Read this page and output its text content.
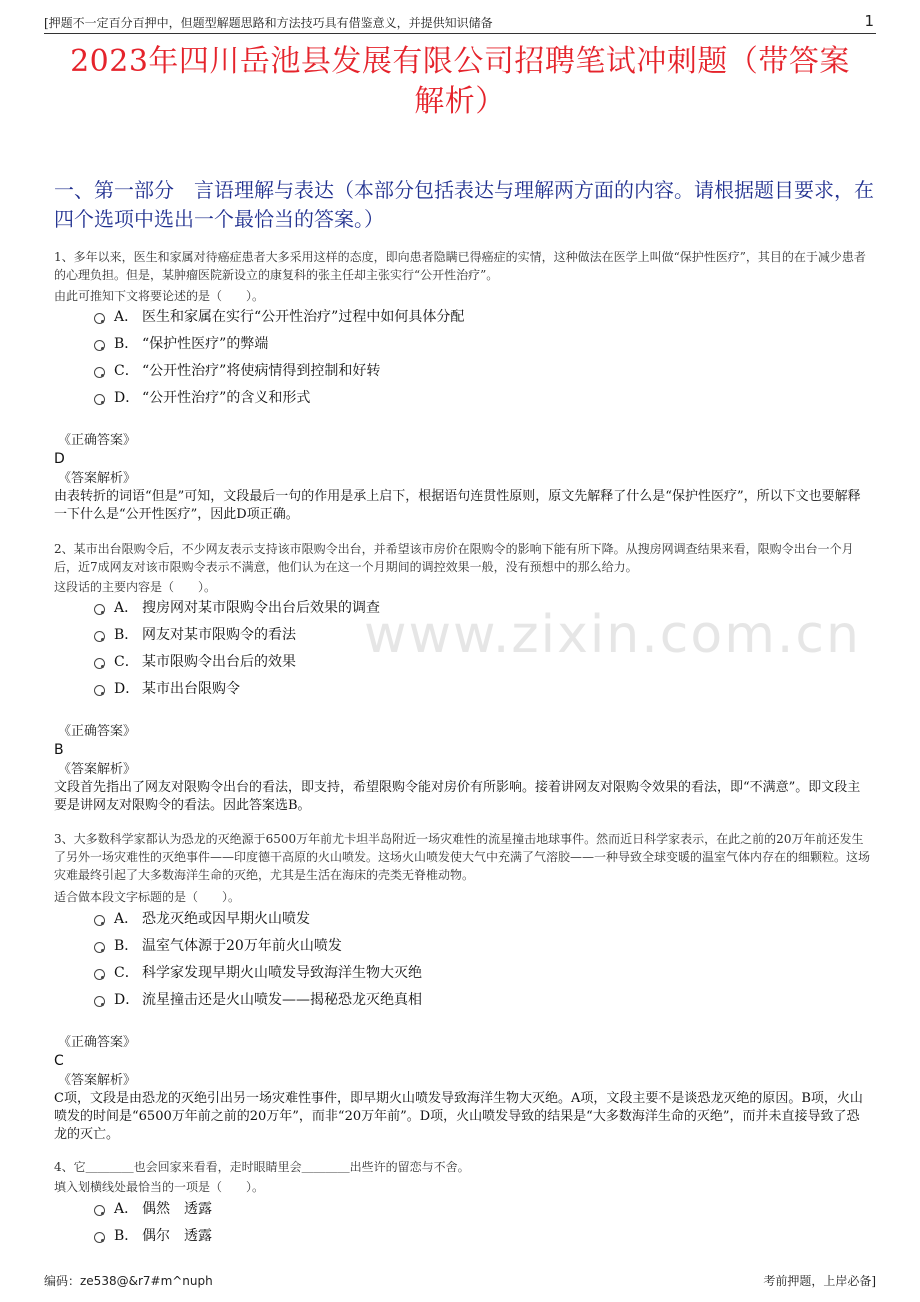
[押题不一定百分百押中，但题型解题思路和方法技巧具有借鉴意义，并提供知识储备	1
2023年四川岳池县发展有限公司招聘笔试冲刺题（带答案解析）
一、第一部分　言语理解与表达（本部分包括表达与理解两方面的内容。请根据题目要求，在四个选项中选出一个最恰当的答案。）
www.zixin.com.cn
1、多年以来，医生和家属对待癌症患者大多采用这样的态度，即向患者隐瞒已得癌症的实情，这种做法在医学上叫做“保护性医疗”，其目的在于减少患者的心理负担。但是，某肿瘤医院新设立的康复科的张主任却主张实行“公开性治疗”。
由此可推知下文将要论述的是（　　）。
A． 医生和家属在实行“公开性治疗”过程中如何具体分配
B． “保护性医疗”的弊端
C． “公开性治疗”将使病情得到控制和好转
D． “公开性治疗”的含义和形式
《正确答案》
D
《答案解析》
由表转折的词语“但是”可知，文段最后一句的作用是承上启下，根据语句连贯性原则，原文先解释了什么是“保护性医疗”，所以下文也要解释一下什么是“公开性医疗”，因此D项正确。
2、某市出台限购令后，不少网友表示支持该市限购令出台，并希望该市房价在限购令的影响下能有所下降。从搜房网调查结果来看，限购令出台一个月后，近7成网友对该市限购令表示不满意，他们认为在这一个月期间的调控效果一般，没有预想中的那么给力。
这段话的主要内容是（　　）。
A． 搜房网对某市限购令出台后效果的调查
B． 网友对某市限购令的看法
C． 某市限购令出台后的效果
D． 某市出台限购令
《正确答案》
B
《答案解析》
文段首先指出了网友对限购令出台的看法，即支持，希望限购令能对房价有所影响。接着讲网友对限购令效果的看法，即“不满意”。即文段主要是讲网友对限购令的看法。因此答案选B。
3、大多数科学家都认为恐龙的灭绝源于6500万年前尤卡坦半岛附近一场灾难性的流星撞击地球事件。然而近日科学家表示，在此之前的20万年前还发生了另外一场灾难性的灭绝事件——印度德干高原的火山喷发。这场火山喷发使大气中充满了气溶胶——一种导致全球变暖的温室气体内存在的细颗粒。这场灾难最终引起了大多数海洋生命的灭绝，尤其是生活在海床的壳类无脊椎动物。
适合做本段文字标题的是（　　）。
A． 恐龙灭绝或因早期火山喷发
B． 温室气体源于20万年前火山喷发
C． 科学家发现早期火山喷发导致海洋生物大灭绝
D． 流星撞击还是火山喷发——揭秘恐龙灭绝真相
《正确答案》
C
《答案解析》
C项，文段是由恐龙的灭绝引出另一场灾难性事件，即早期火山喷发导致海洋生物大灭绝。A项，文段主要不是谈恐龙灭绝的原因。B项，火山喷发的时间是“6500万年前之前的20万年”，而非“20万年前”。D项，火山喷发导致的结果是“大多数海洋生命的灭绝”，而并未直接导致了恐龙的灭亡。
4、它＿＿＿＿也会回家来看看，走时眼睛里会＿＿＿＿出些许的留恋与不舍。
填入划横线处最恰当的一项是（　　）。
A． 偶然　透露
B． 偶尔　透露
编码：ze538@&r7#m^nuph	考前押题，上岸必备]
